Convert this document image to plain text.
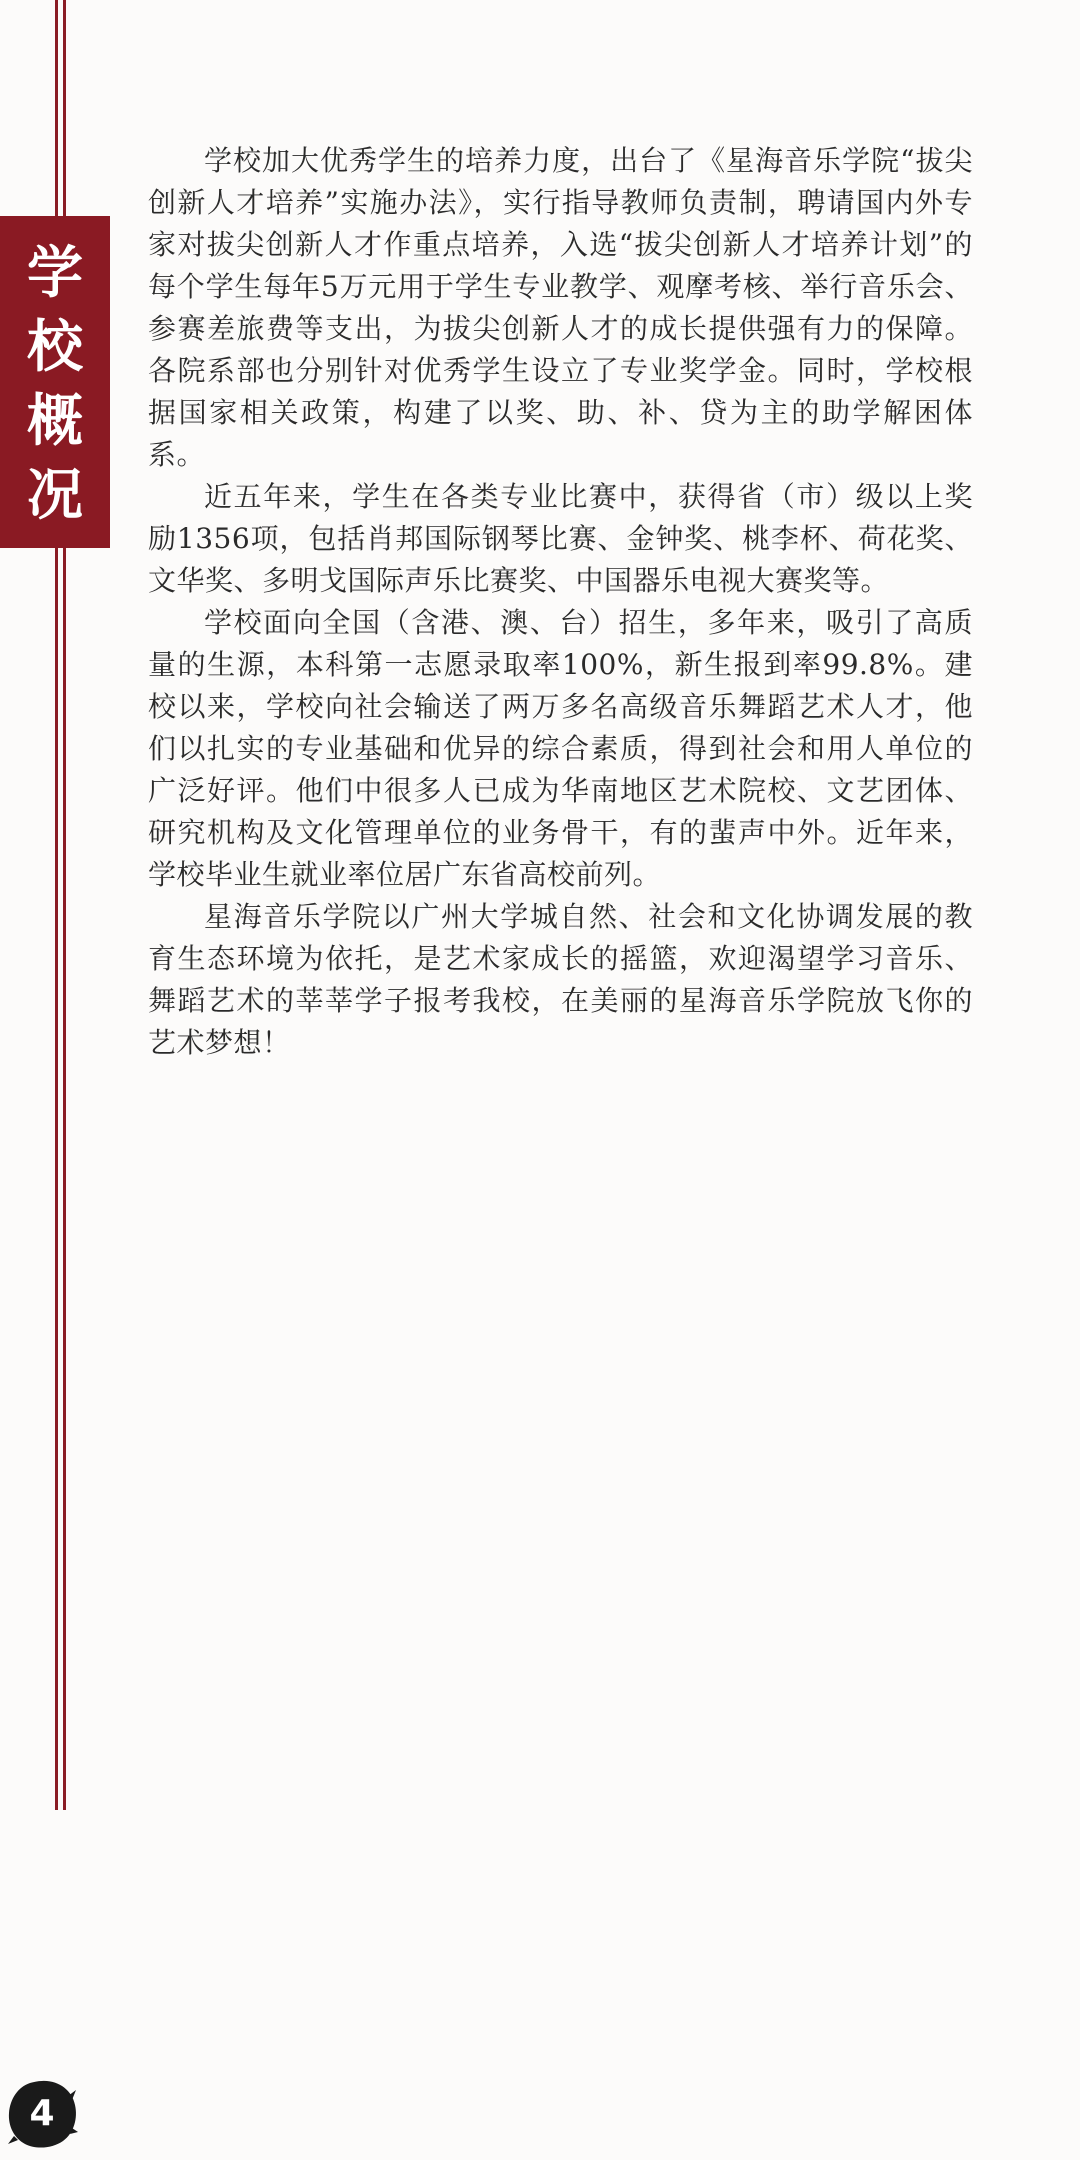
学
校
概
况

学校加大优秀学生的培养力度，出台了《星海音乐学院“拔尖创新人才培养”实施办法》，实行指导教师负责制，聘请国内外专家对拔尖创新人才作重点培养，入选“拔尖创新人才培养计划”的每个学生每年5万元用于学生专业教学、观摩考核、举行音乐会、参赛差旅费等支出，为拔尖创新人才的成长提供强有力的保障。各院系部也分别针对优秀学生设立了专业奖学金。同时，学校根据国家相关政策，构建了以奖、助、补、贷为主的助学解困体系。

近五年来，学生在各类专业比赛中，获得省（市）级以上奖励1356项，包括肖邦国际钢琴比赛、金钟奖、桃李杯、荷花奖、文华奖、多明戈国际声乐比赛奖、中国器乐电视大赛奖等。

学校面向全国（含港、澳、台）招生，多年来，吸引了高质量的生源，本科第一志愿录取率100%，新生报到率99.8%。建校以来，学校向社会输送了两万多名高级音乐舞蹈艺术人才，他们以扎实的专业基础和优异的综合素质，得到社会和用人单位的广泛好评。他们中很多人已成为华南地区艺术院校、文艺团体、研究机构及文化管理单位的业务骨干，有的蜚声中外。近年来，学校毕业生就业率位居广东省高校前列。

星海音乐学院以广州大学城自然、社会和文化协调发展的教育生态环境为依托，是艺术家成长的摇篮，欢迎渴望学习音乐、舞蹈艺术的莘莘学子报考我校，在美丽的星海音乐学院放飞你的艺术梦想！

4
